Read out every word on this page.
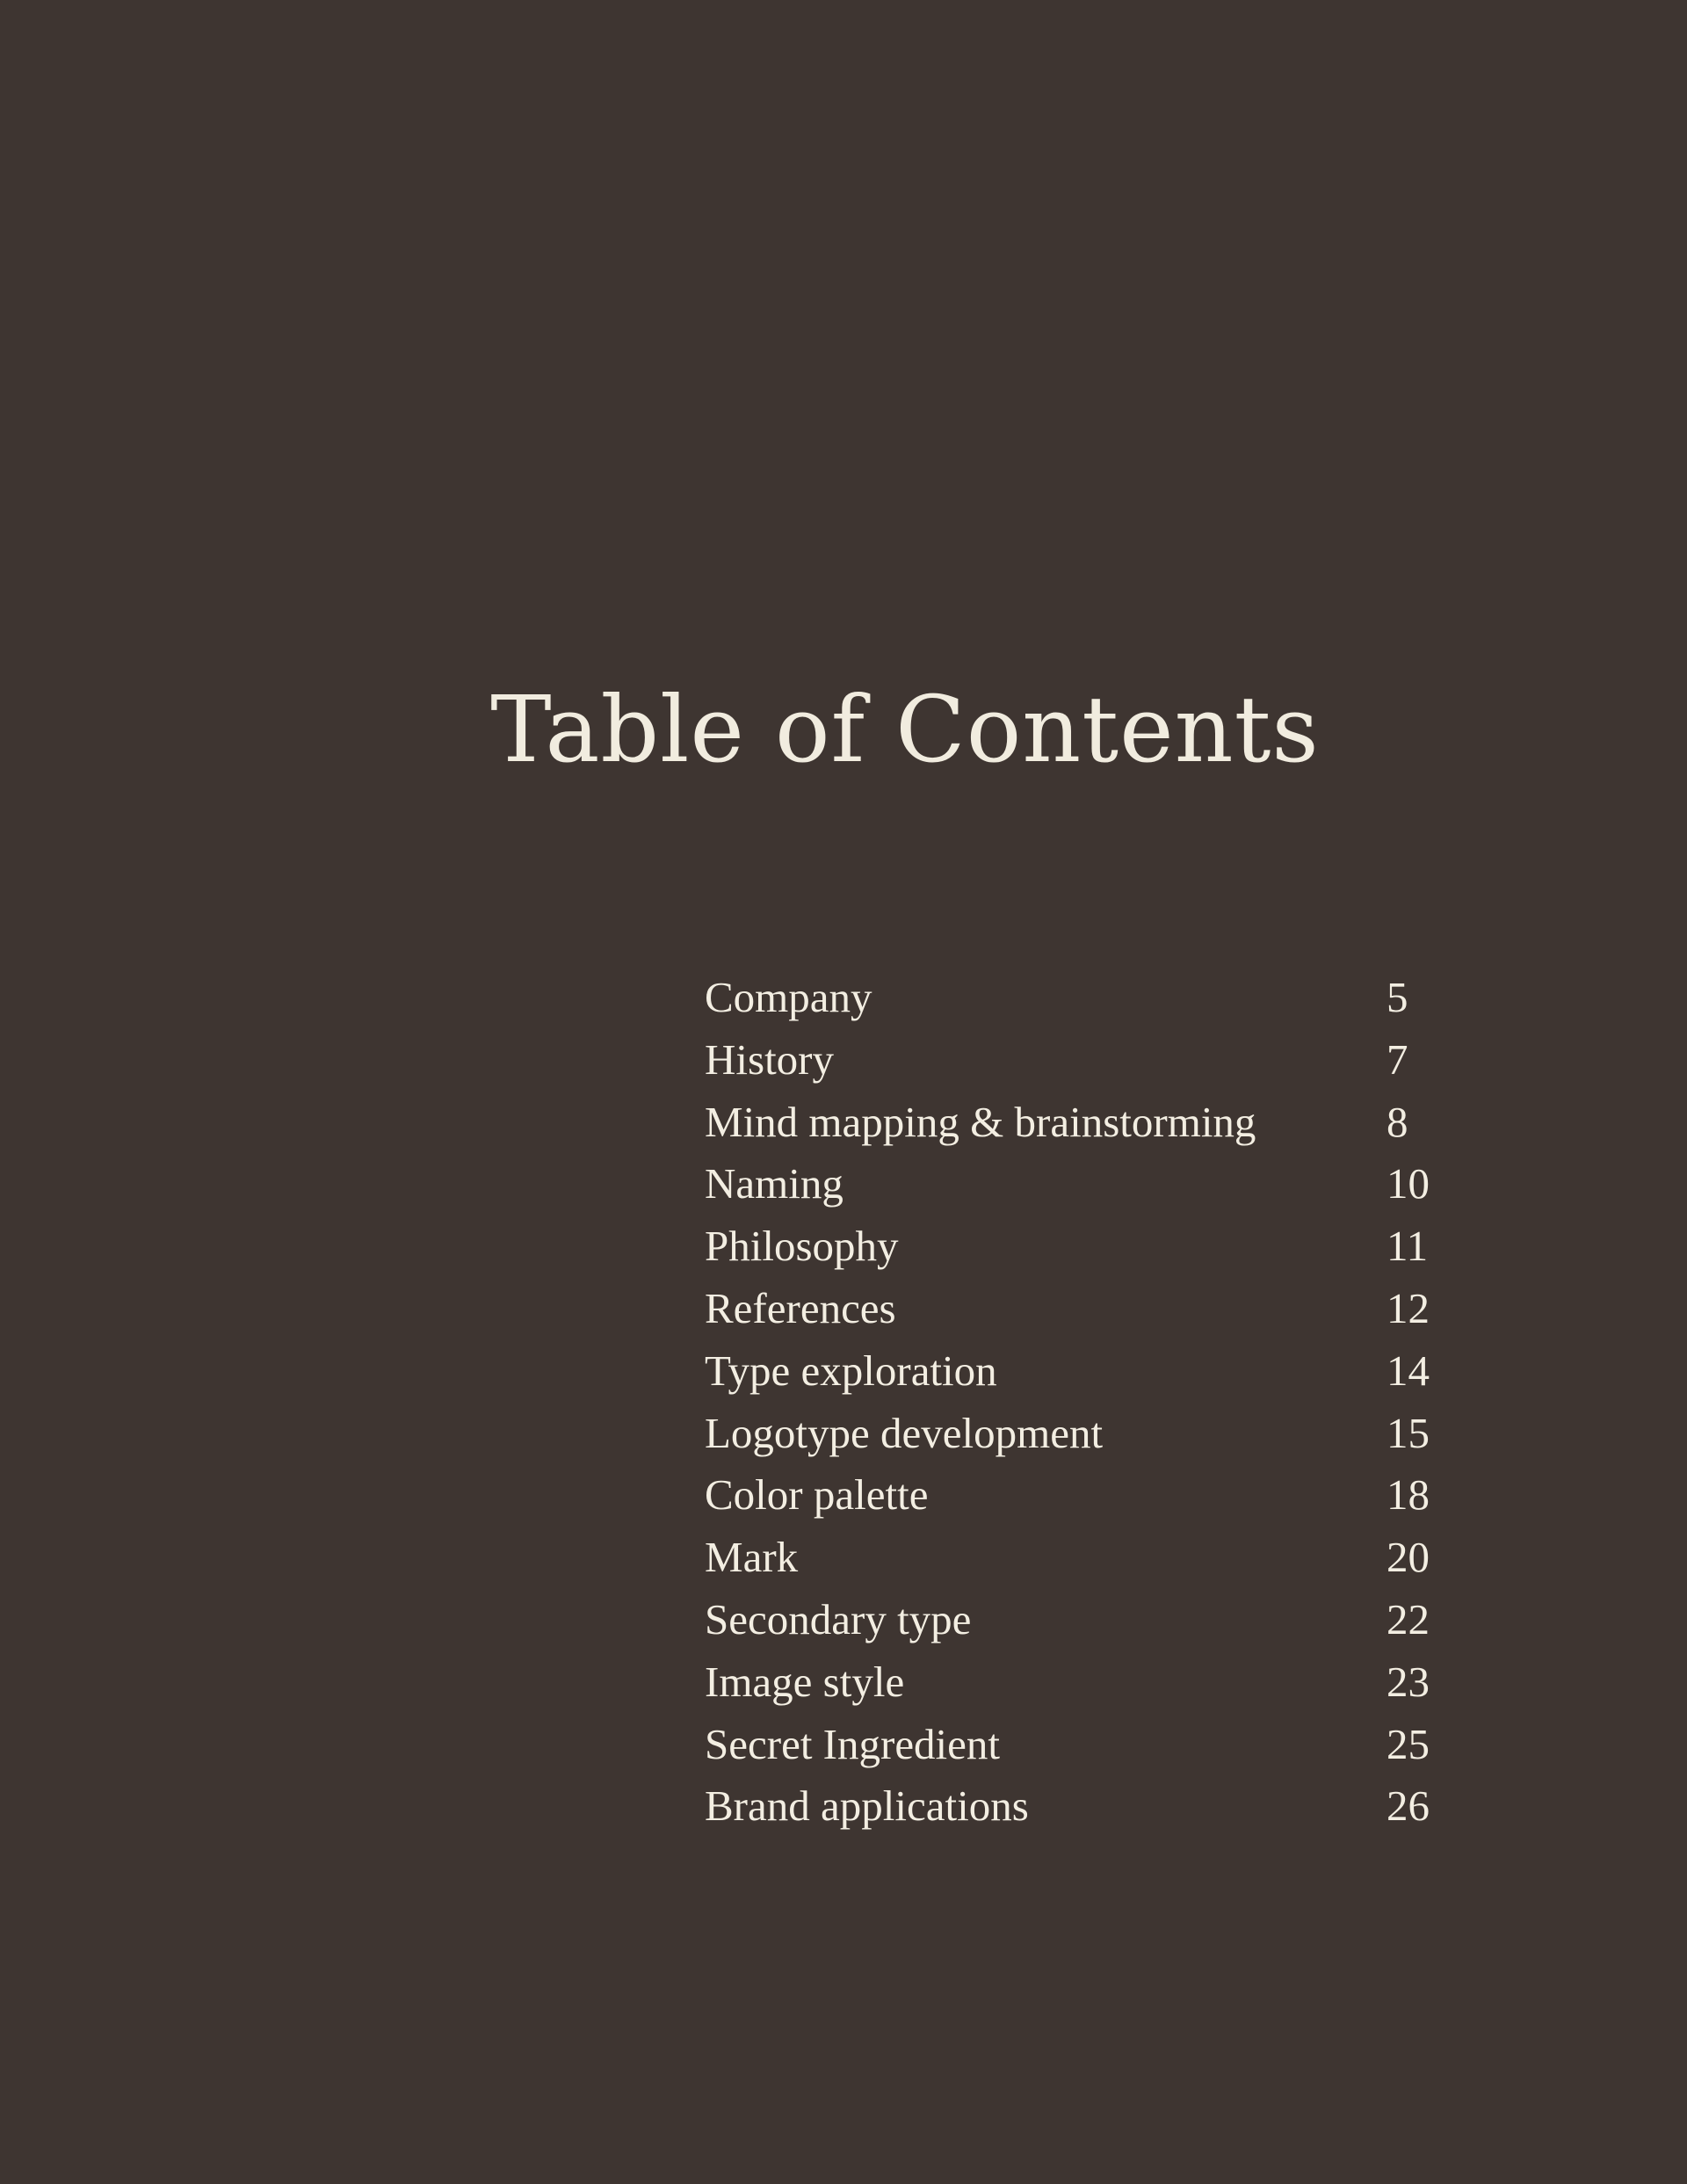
Table of Contents
Company	5
History	7
Mind mapping & brainstorming	8
Naming	10
Philosophy	11
References	12
Type exploration	14
Logotype development	15
Color palette	18
Mark	20
Secondary type	22
Image style	23
Secret Ingredient	25
Brand applications	26
